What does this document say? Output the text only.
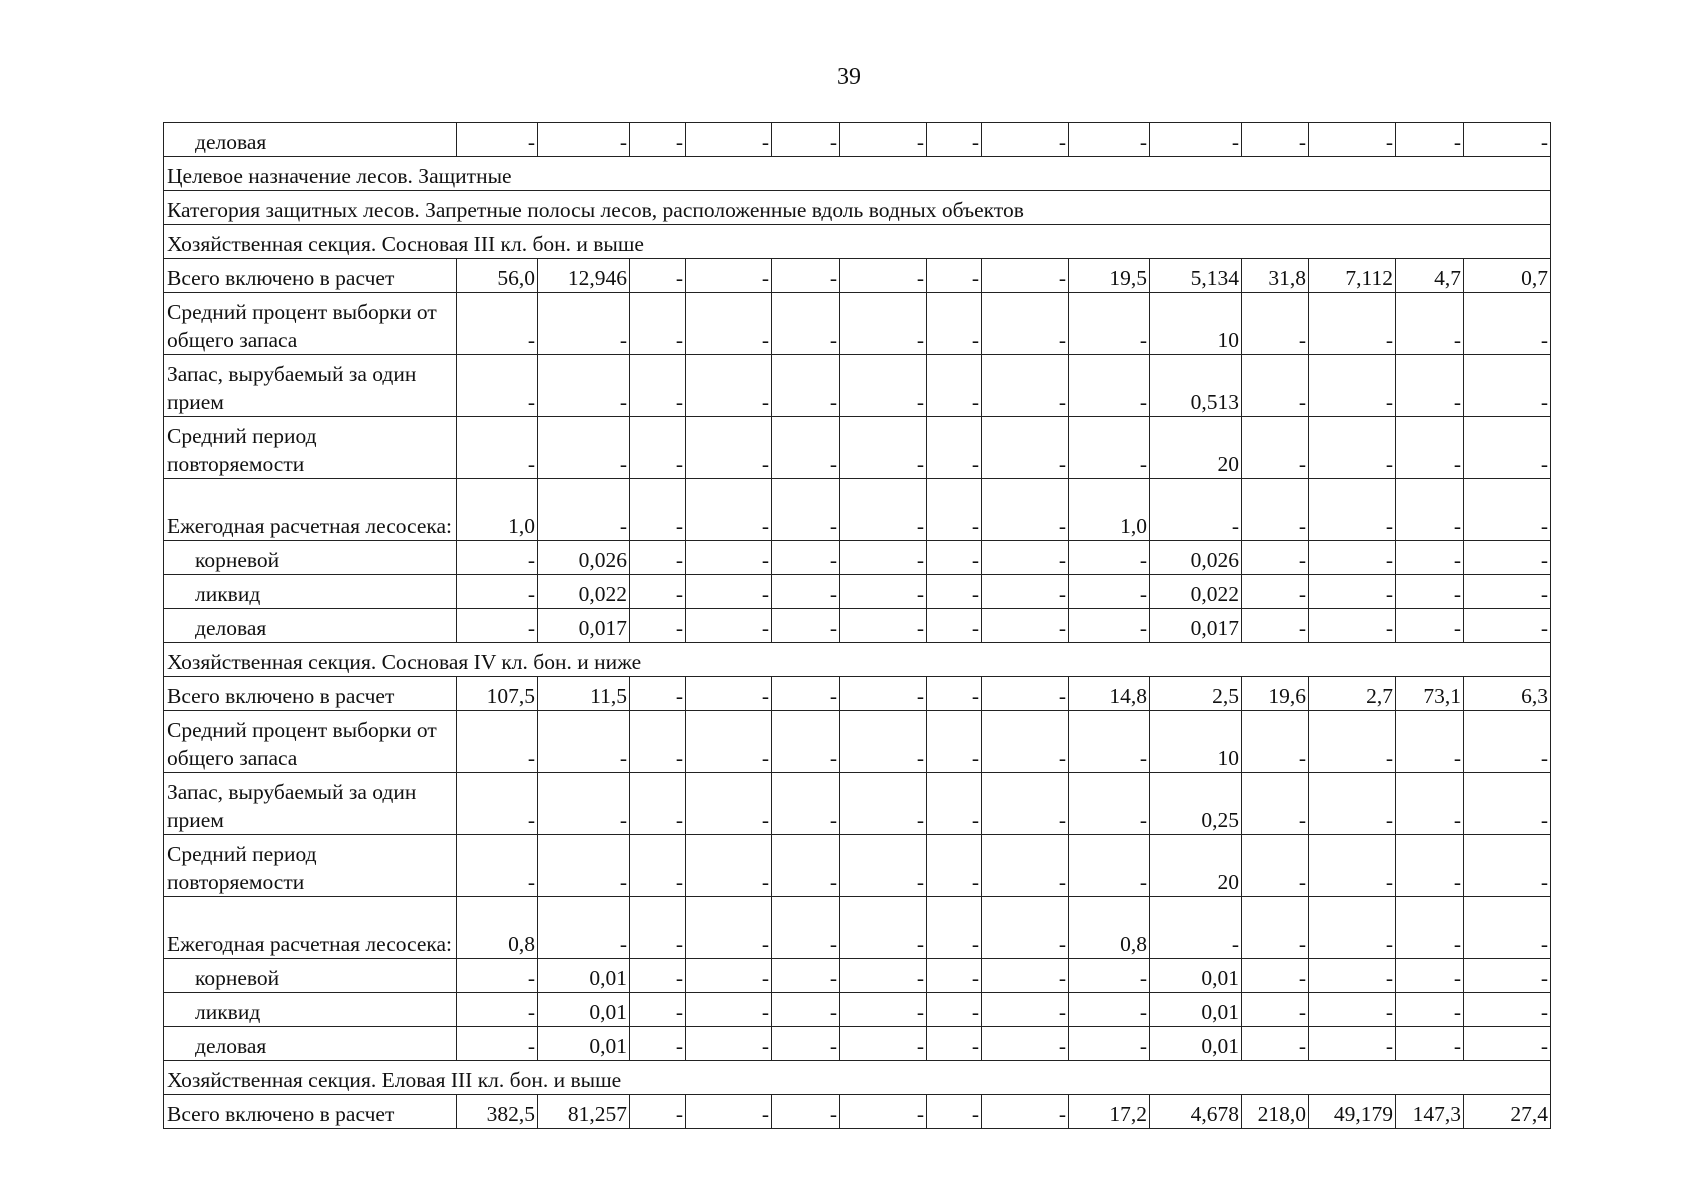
39
деловая	-	-	-	-	-	-	-	-	-	-	-	-	-	-
Целевое назначение лесов. Защитные														
Категория защитных лесов. Запретные полосы лесов, расположенные вдоль водных объектов														
Хозяйственная секция. Сосновая III кл. бон. и выше														
Всего включено в расчет	56,0	12,946	-	-	-	-	-	-	19,5	5,134	31,8	7,112	4,7	0,7
Средний процент выборки от общего запаса	-	-	-	-	-	-	-	-	-	10	-	-	-	-
Запас, вырубаемый за один прием	-	-	-	-	-	-	-	-	-	0,513	-	-	-	-
Средний период повторяемости	-	-	-	-	-	-	-	-	-	20	-	-	-	-
Ежегодная расчетная лесосека:	1,0	-	-	-	-	-	-	-	1,0	-	-	-	-	-
корневой	-	0,026	-	-	-	-	-	-	-	0,026	-	-	-	-
ликвид	-	0,022	-	-	-	-	-	-	-	0,022	-	-	-	-
деловая	-	0,017	-	-	-	-	-	-	-	0,017	-	-	-	-
Хозяйственная секция. Сосновая IV кл. бон. и ниже														
Всего включено в расчет	107,5	11,5	-	-	-	-	-	-	14,8	2,5	19,6	2,7	73,1	6,3
Средний процент выборки от общего запаса	-	-	-	-	-	-	-	-	-	10	-	-	-	-
Запас, вырубаемый за один прием	-	-	-	-	-	-	-	-	-	0,25	-	-	-	-
Средний период повторяемости	-	-	-	-	-	-	-	-	-	20	-	-	-	-
Ежегодная расчетная лесосека:	0,8	-	-	-	-	-	-	-	0,8	-	-	-	-	-
корневой	-	0,01	-	-	-	-	-	-	-	0,01	-	-	-	-
ликвид	-	0,01	-	-	-	-	-	-	-	0,01	-	-	-	-
деловая	-	0,01	-	-	-	-	-	-	-	0,01	-	-	-	-
Хозяйственная секция. Еловая III кл. бон. и выше														
Всего включено в расчет	382,5	81,257	-	-	-	-	-	-	17,2	4,678	218,0	49,179	147,3	27,4
